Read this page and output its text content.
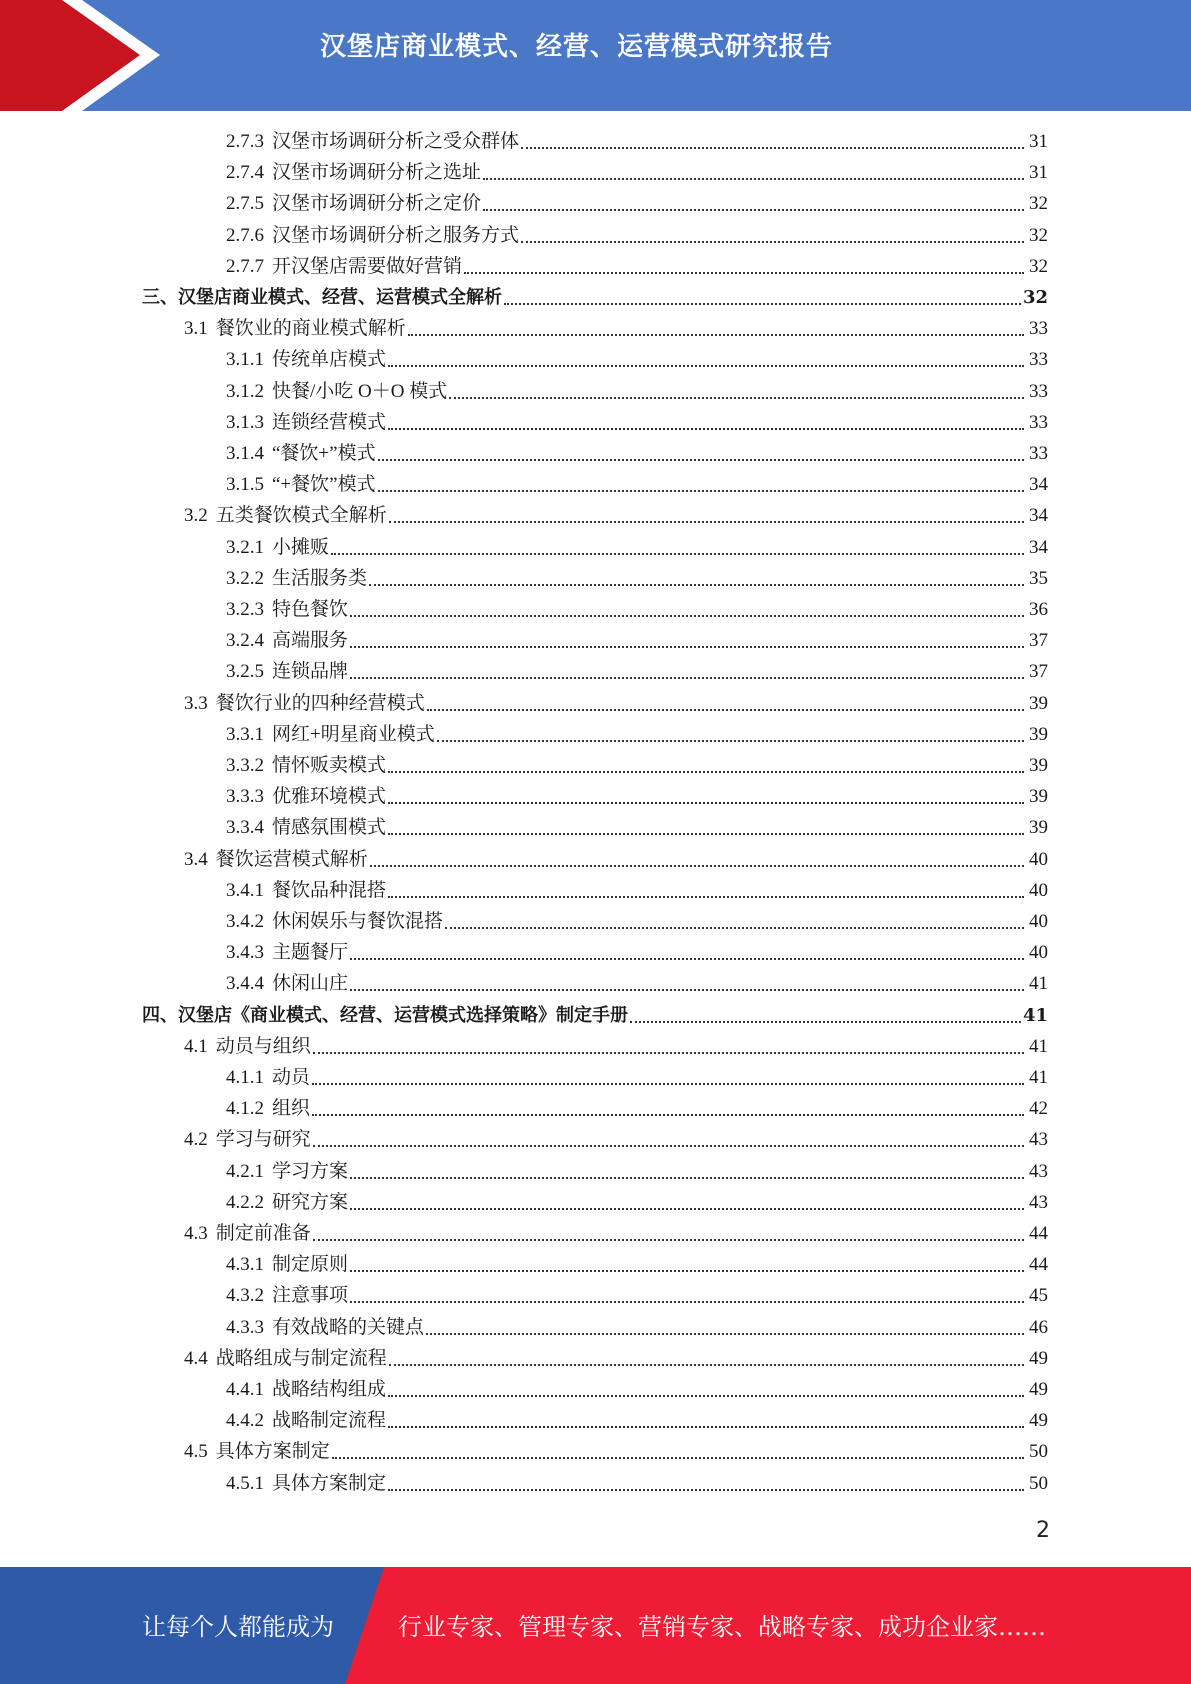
汉堡店商业模式、经营、运营模式研究报告
2.7.3 汉堡市场调研分析之受众群体	31
2.7.4 汉堡市场调研分析之选址	31
2.7.5 汉堡市场调研分析之定价	32
2.7.6 汉堡市场调研分析之服务方式	32
2.7.7 开汉堡店需要做好营销	32
三、汉堡店商业模式、经营、运营模式全解析	32
3.1 餐饮业的商业模式解析	33
3.1.1 传统单店模式	33
3.1.2 快餐/小吃 O＋O 模式	33
3.1.3 连锁经营模式	33
3.1.4 “餐饮+”模式	33
3.1.5 “+餐饮”模式	34
3.2 五类餐饮模式全解析	34
3.2.1 小摊贩	34
3.2.2 生活服务类	35
3.2.3 特色餐饮	36
3.2.4 高端服务	37
3.2.5 连锁品牌	37
3.3 餐饮行业的四种经营模式	39
3.3.1 网红+明星商业模式	39
3.3.2 情怀贩卖模式	39
3.3.3 优雅环境模式	39
3.3.4 情感氛围模式	39
3.4 餐饮运营模式解析	40
3.4.1 餐饮品种混搭	40
3.4.2 休闲娱乐与餐饮混搭	40
3.4.3 主题餐厅	40
3.4.4 休闲山庄	41
四、汉堡店《商业模式、经营、运营模式选择策略》制定手册	41
4.1 动员与组织	41
4.1.1 动员	41
4.1.2 组织	42
4.2 学习与研究	43
4.2.1 学习方案	43
4.2.2 研究方案	43
4.3 制定前准备	44
4.3.1 制定原则	44
4.3.2 注意事项	45
4.3.3 有效战略的关键点	46
4.4 战略组成与制定流程	49
4.4.1 战略结构组成	49
4.4.2 战略制定流程	49
4.5 具体方案制定	50
4.5.1 具体方案制定	50
2
让每个人都能成为	行业专家、管理专家、营销专家、战略专家、成功企业家……
